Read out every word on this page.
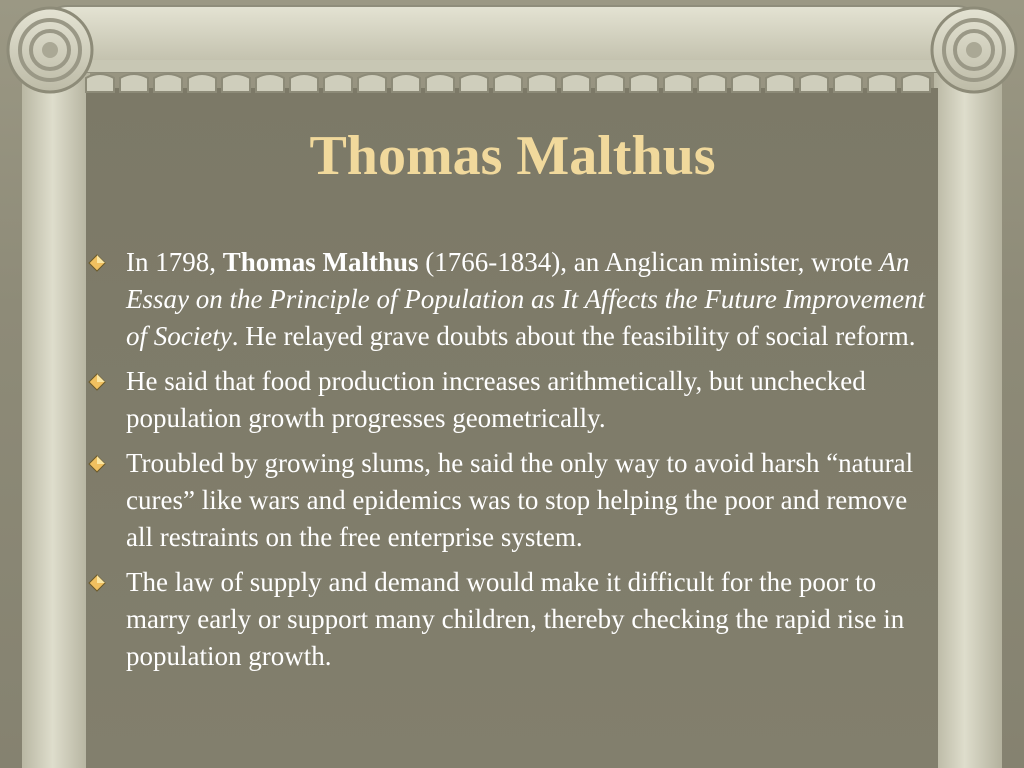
Thomas Malthus
In 1798, Thomas Malthus (1766-1834), an Anglican minister, wrote An Essay on the Principle of Population as It Affects the Future Improvement of Society. He relayed grave doubts about the feasibility of social reform.
He said that food production increases arithmetically, but unchecked population growth progresses geometrically.
Troubled by growing slums, he said the only way to avoid harsh “natural cures” like wars and epidemics was to stop helping the poor and remove all restraints on the free enterprise system.
The law of supply and demand would make it difficult for the poor to marry early or support many children, thereby checking the rapid rise in population growth.
